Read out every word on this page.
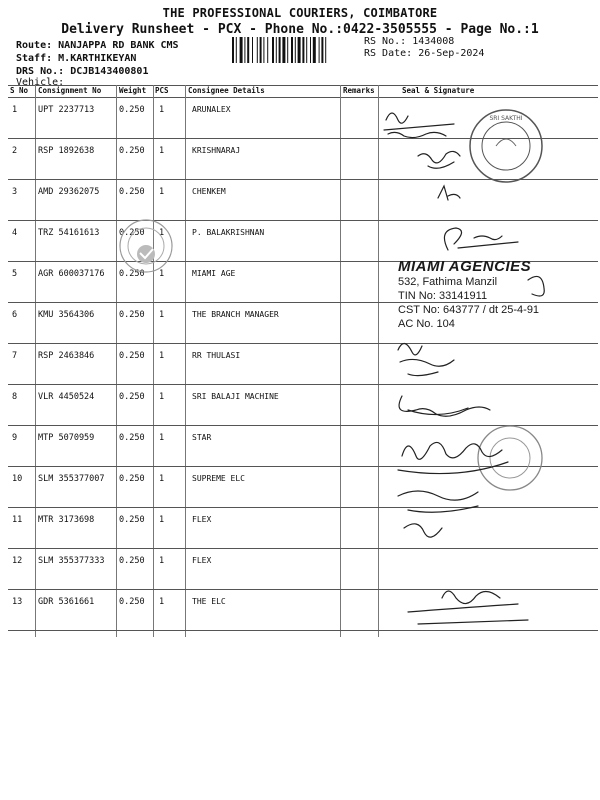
THE PROFESSIONAL COURIERS, COIMBATORE
Delivery Runsheet - PCX - Phone No.:0422-3505555 - Page No.:1
Route: NANJAPPA RD BANK CMS
Staff: M.KARTHIKEYAN
DRS No.: DCJB143400801
Vehicle:
RS No.: 1434008
RS Date: 26-Sep-2024
S No Consignment No Weight PCS	Consignee Details	Remarks	Seal & Signature
1 UPT 2237713	0.250 1	ARUNALEX
2 RSP 1892638	0.250 1	KRISHNARAJ
3 AMD 29362075 0.250 1	CHENKEM
4 TRZ 54161613 0.250 1	P. BALAKRISHNAN
5 AGR 600037176 0.250 1	MIAMI AGE
6 KMU 3564306	0.250 1	THE BRANCH MANAGER
7 RSP 2463846	0.250 1	RR THULASI
8 VLR 4450524	0.250 1	SRI BALAJI MACHINE
9 MTP 5070959	0.250 1	STAR
10 SLM 355377007 0.250 1	SUPREME ELC
11 MTR 3173698	0.250 1	FLEX
12 SLM 355377333 0.250 1	FLEX
13 GDR 5361661	0.250 1	THE ELC
SRI SAKTHI
MIAMI AGENCIES
532, Fathima Manzil
TIN No: 33141911
CST No: 643777 / dt 25-4-91
AC No. 104
